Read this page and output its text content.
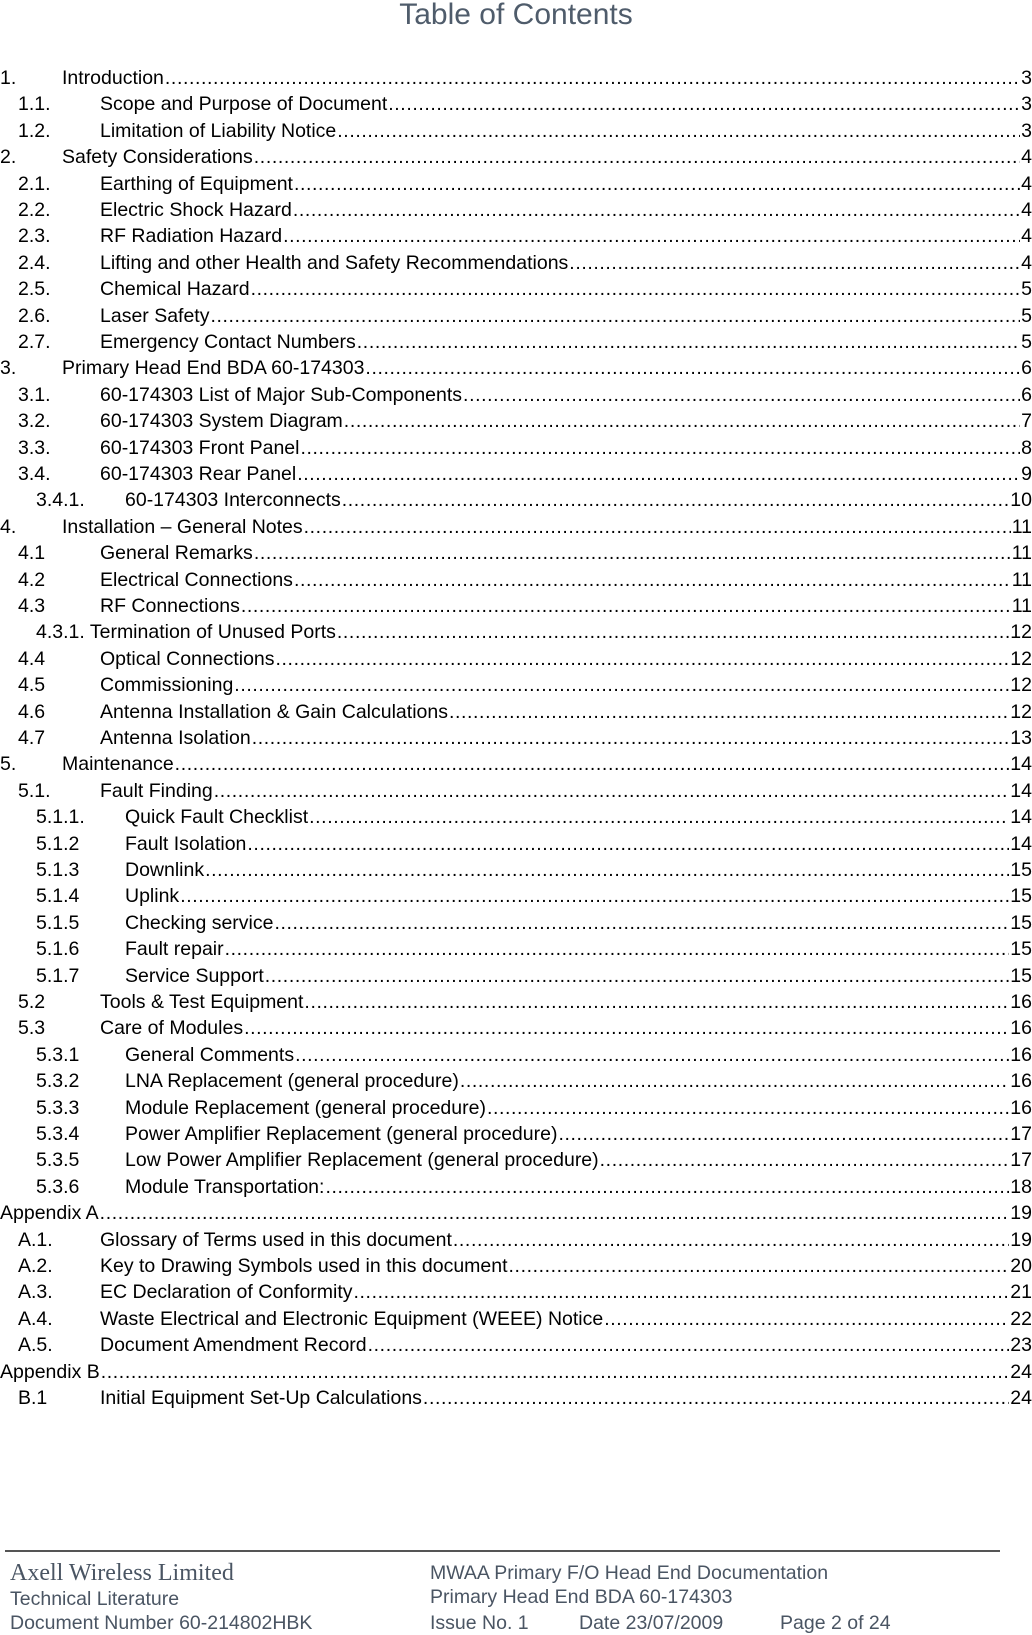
Table of Contents
1. Introduction .....	3
1.1.	Scope and Purpose of Document .....	3
1.2.	Limitation of Liability Notice .....	3
2. Safety Considerations .....	4
2.1.	Earthing of Equipment .....	4
2.2.	Electric Shock Hazard .....	4
2.3.	RF Radiation Hazard .....	4
2.4.	Lifting and other Health and Safety Recommendations .....	4
2.5.	Chemical Hazard .....	5
2.6.	Laser Safety .....	5
2.7.	Emergency Contact Numbers .....	5
3. Primary Head End BDA 60-174303 .....	6
3.1.	60-174303 List of Major Sub-Components .....	6
3.2.	60-174303 System Diagram .....	7
3.3.	60-174303 Front Panel .....	8
3.4.	60-174303 Rear Panel .....	9
3.4.1. 60-174303 Interconnects .....	10
4. Installation – General Notes .....	11
4.1	General Remarks .....	11
4.2	Electrical Connections .....	11
4.3	RF Connections .....	11
4.3.1. Termination of Unused Ports .....	12
4.4	Optical Connections .....	12
4.5	Commissioning .....	12
4.6	Antenna Installation & Gain Calculations .....	12
4.7	Antenna Isolation .....	13
5. Maintenance .....	14
5.1.	Fault Finding .....	14
5.1.1. Quick Fault Checklist .....	14
5.1.2 Fault Isolation .....	14
5.1.3 Downlink .....	15
5.1.4 Uplink .....	15
5.1.5 Checking service .....	15
5.1.6 Fault repair .....	15
5.1.7 Service Support .....	15
5.2	Tools & Test Equipment .....	16
5.3	Care of Modules .....	16
5.3.1 General Comments .....	16
5.3.2 LNA Replacement (general procedure) .....	16
5.3.3 Module Replacement (general procedure) .....	16
5.3.4 Power Amplifier Replacement (general procedure) .....	17
5.3.5 Low Power Amplifier Replacement (general procedure) .....	17
5.3.6 Module Transportation: .....	18
Appendix A .....	19
A.1. Glossary of Terms used in this document .....	19
A.2. Key to Drawing Symbols used in this document .....	20
A.3. EC Declaration of Conformity .....	21
A.4. Waste Electrical and Electronic Equipment (WEEE) Notice .....	22
A.5. Document Amendment Record .....	23
Appendix B .....	24
B.1	Initial Equipment Set-Up Calculations .....	24
Axell Wireless Limited
Technical Literature
Document Number 60-214802HBK
MWAA Primary F/O Head End Documentation
Primary Head End BDA 60-174303
Issue No. 1	Date 23/07/2009	Page 2 of 24
